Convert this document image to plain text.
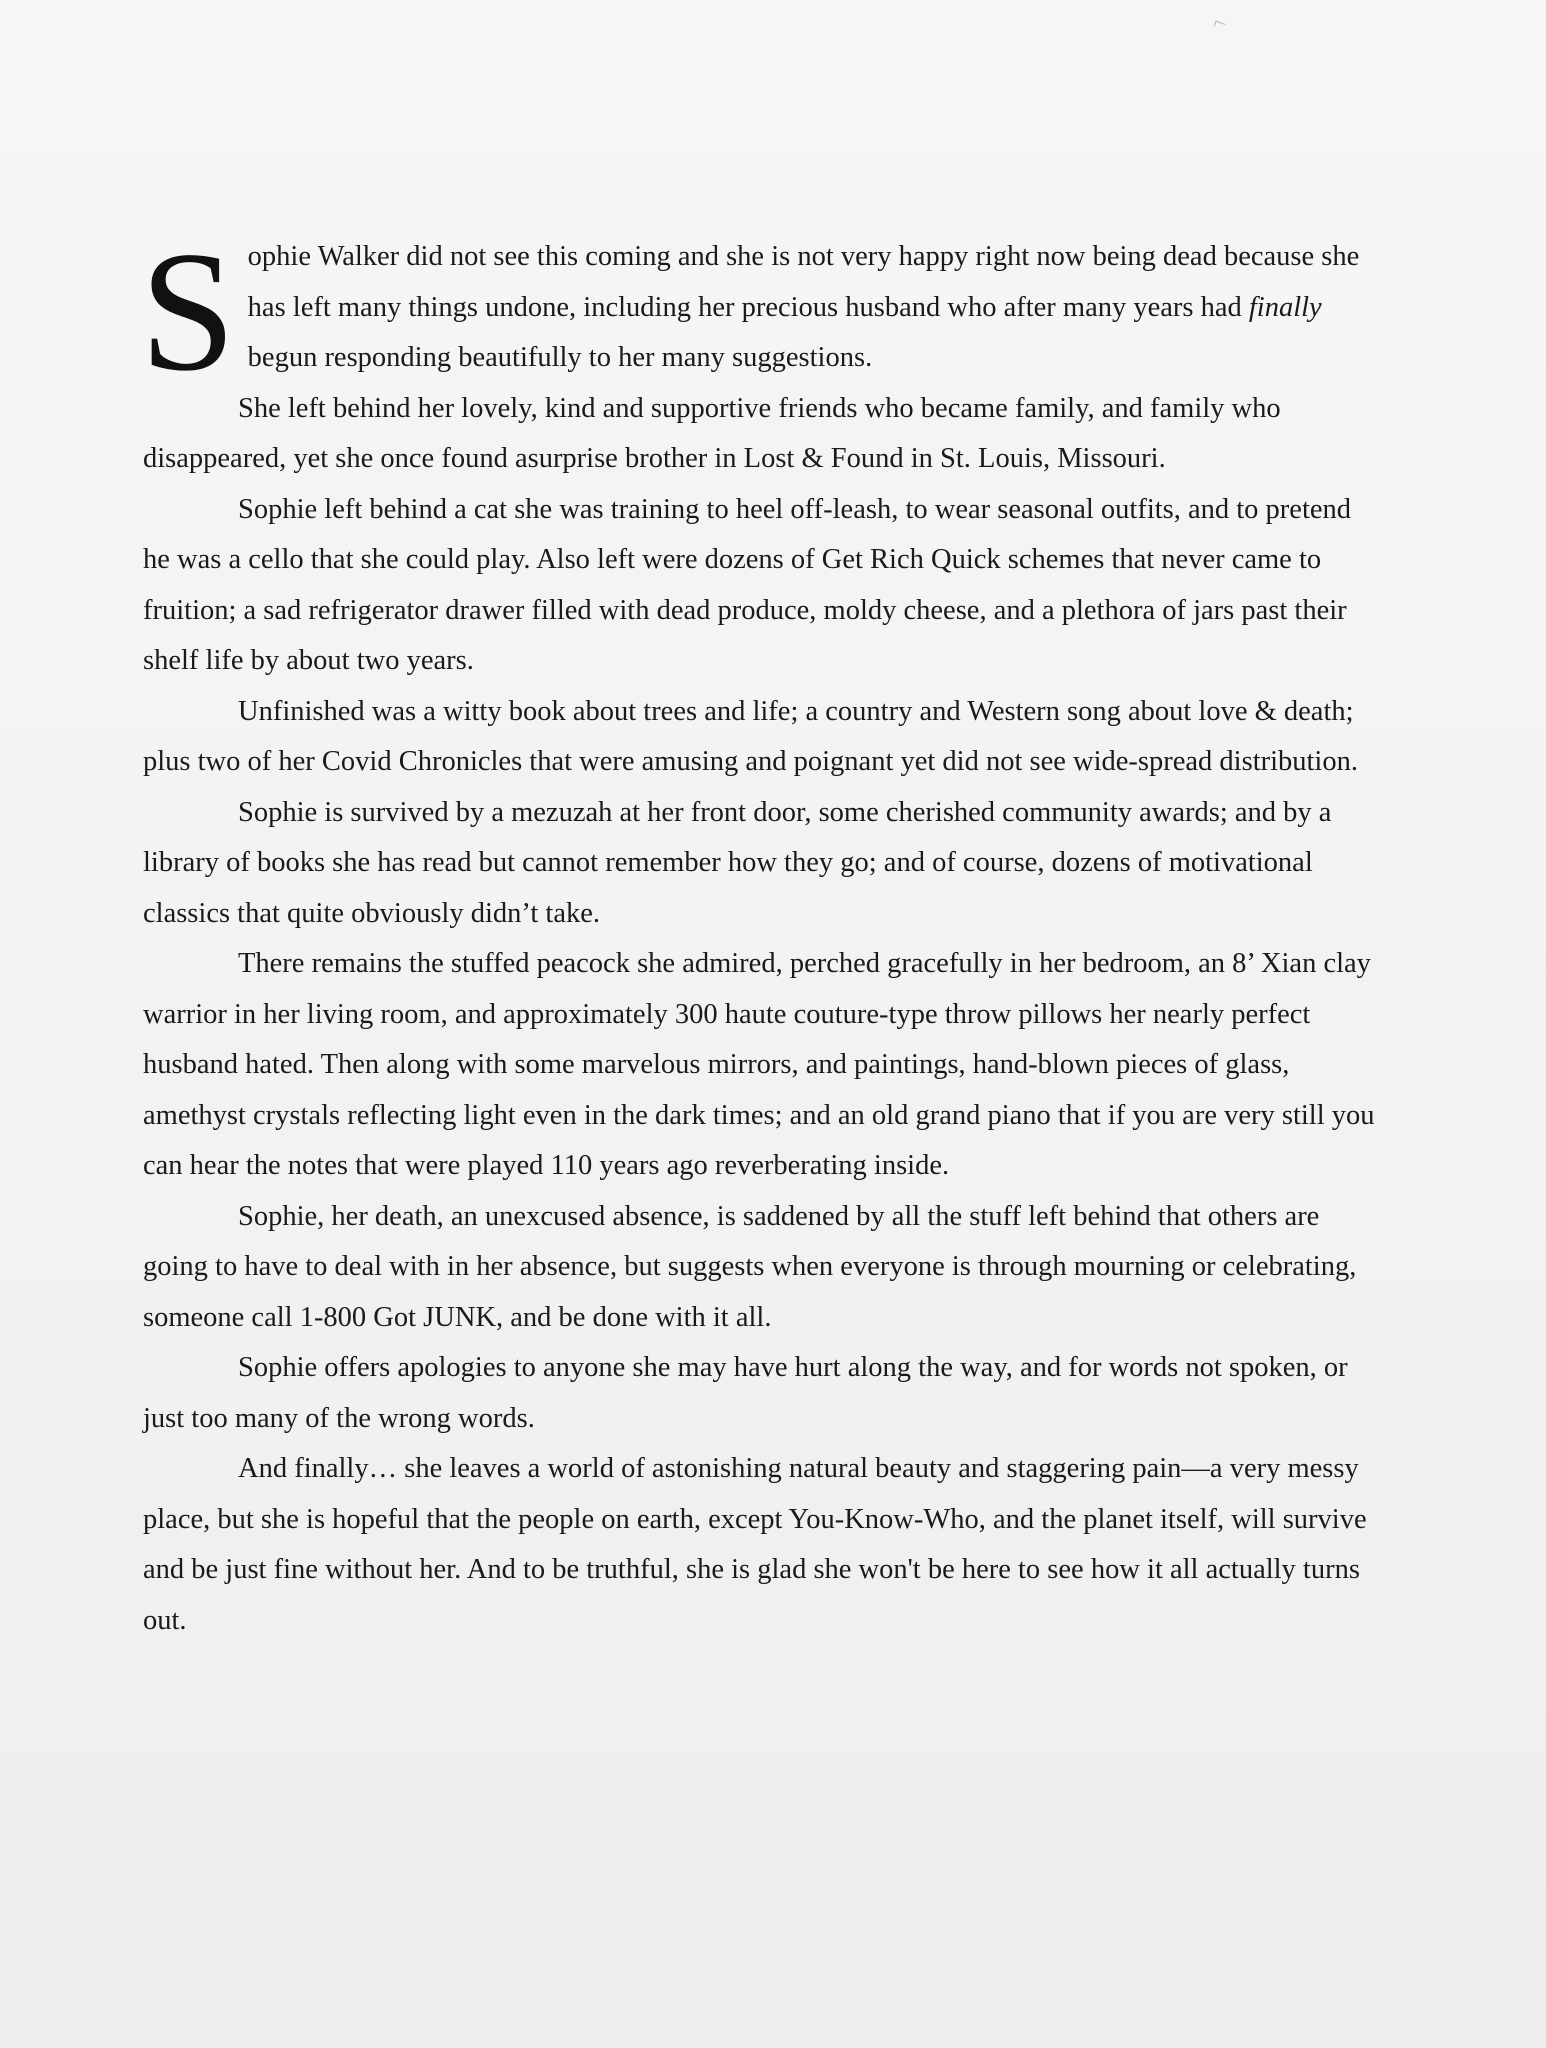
⌐

Sophie Walker did not see this coming and she is not very happy right now being dead because she has left many things undone, including her precious husband who after many years had finally begun responding beautifully to her many suggestions.

She left behind her lovely, kind and supportive friends who became family, and family who disappeared, yet she once found asurprise brother in Lost & Found in St. Louis, Missouri.

Sophie left behind a cat she was training to heel off-leash, to wear seasonal outfits, and to pretend he was a cello that she could play. Also left were dozens of Get Rich Quick schemes that never came to fruition; a sad refrigerator drawer filled with dead produce, moldy cheese, and a plethora of jars past their shelf life by about two years.

Unfinished was a witty book about trees and life; a country and Western song about love & death; plus two of her Covid Chronicles that were amusing and poignant yet did not see wide-spread distribution.

Sophie is survived by a mezuzah at her front door, some cherished community awards; and by a library of books she has read but cannot remember how they go; and of course, dozens of motivational classics that quite obviously didn’t take.

There remains the stuffed peacock she admired, perched gracefully in her bedroom, an 8’ Xian clay warrior in her living room, and approximately 300 haute couture-type throw pillows her nearly perfect husband hated. Then along with some marvelous mirrors, and paintings, hand-blown pieces of glass, amethyst crystals reflecting light even in the dark times; and an old grand piano that if you are very still you can hear the notes that were played 110 years ago reverberating inside.

Sophie, her death, an unexcused absence, is saddened by all the stuff left behind that others are going to have to deal with in her absence, but suggests when everyone is through mourning or celebrating, someone call 1-800 Got JUNK, and be done with it all.

Sophie offers apologies to anyone she may have hurt along the way, and for words not spoken, or just too many of the wrong words.

And finally… she leaves a world of astonishing natural beauty and staggering pain—a very messy place, but she is hopeful that the people on earth, except You-Know-Who, and the planet itself, will survive and be just fine without her. And to be truthful, she is glad she won't be here to see how it all actually turns out.
